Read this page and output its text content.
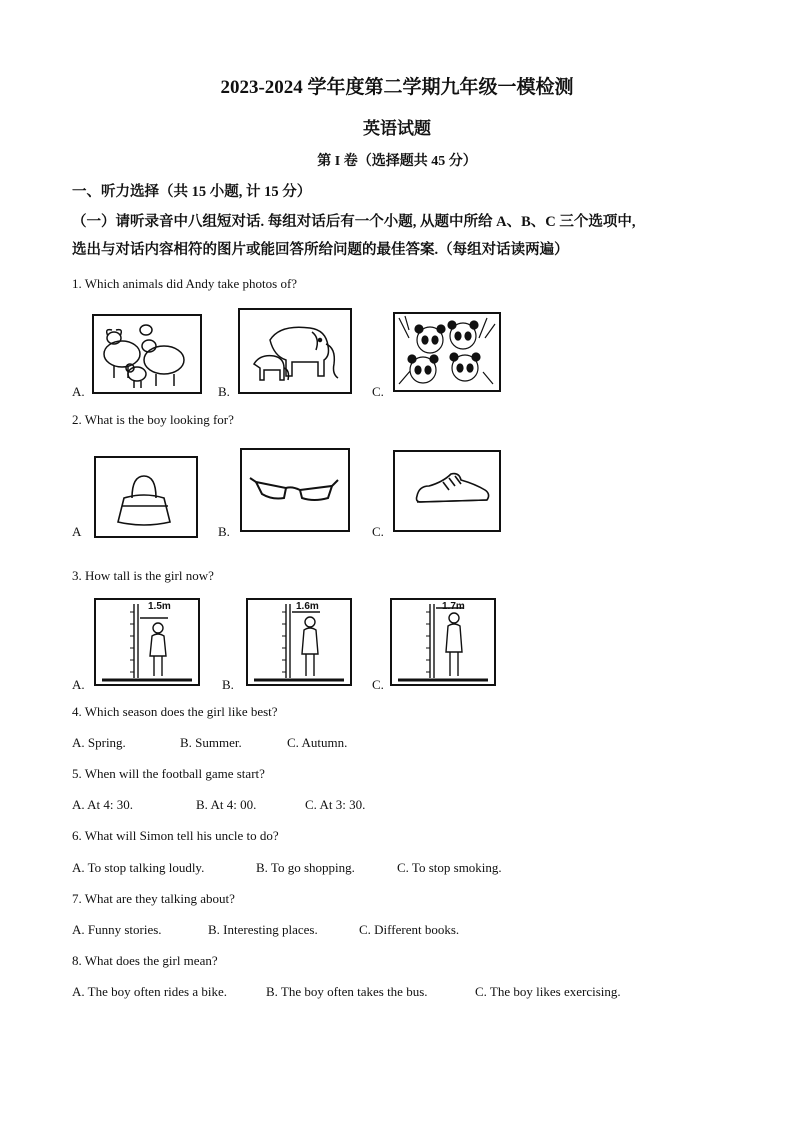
2023-2024 学年度第二学期九年级一模检测
英语试题
第 I 卷（选择题共 45 分）
一、听力选择（共 15 小题, 计 15 分）
（一）请听录音中八组短对话. 每组对话后有一个小题, 从题中所给 A、B、C 三个选项中,
选出与对话内容相符的图片或能回答所给问题的最佳答案.（每组对话读两遍）
1. Which animals did Andy take photos of?
A.	B.	C.
2. What is the boy looking for?
A	B.	C.
3. How tall is the girl now?
A.
1.5m
B.
1.6m
C.
1.7m
4. Which season does the girl like best?
A. Spring.	B. Summer.	C. Autumn.
5. When will the football game start?
A. At 4: 30.	B. At 4: 00.	C. At 3: 30.
6. What will Simon tell his uncle to do?
A. To stop talking loudly.	B. To go shopping.	C. To stop smoking.
7. What are they talking about?
A. Funny stories.	B. Interesting places.	C. Different books.
8. What does the girl mean?
A. The boy often rides a bike.	B. The boy often takes the bus.	C. The boy likes exercising.
